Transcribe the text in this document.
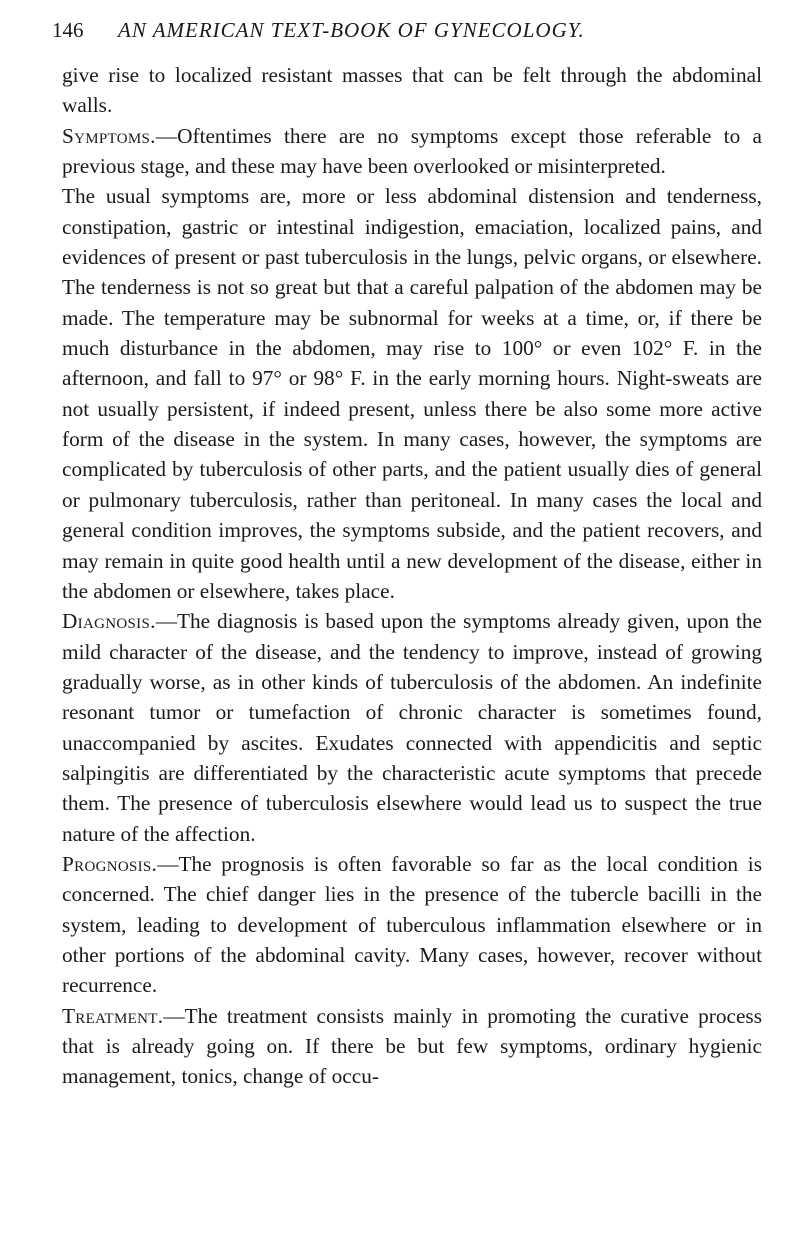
146 AN AMERICAN TEXT-BOOK OF GYNECOLOGY.

give rise to localized resistant masses that can be felt through the abdominal walls.

Symptoms.—Oftentimes there are no symptoms except those referable to a previous stage, and these may have been overlooked or misinterpreted.

The usual symptoms are, more or less abdominal distension and tenderness, constipation, gastric or intestinal indigestion, emaciation, localized pains, and evidences of present or past tuberculosis in the lungs, pelvic organs, or elsewhere. The tenderness is not so great but that a careful palpation of the abdomen may be made. The temperature may be subnormal for weeks at a time, or, if there be much disturbance in the abdomen, may rise to 100° or even 102° F. in the afternoon, and fall to 97° or 98° F. in the early morning hours. Night-sweats are not usually persistent, if indeed present, unless there be also some more active form of the disease in the system. In many cases, however, the symptoms are complicated by tuberculosis of other parts, and the patient usually dies of general or pulmonary tuberculosis, rather than peritoneal. In many cases the local and general condition improves, the symptoms subside, and the patient recovers, and may remain in quite good health until a new development of the disease, either in the abdomen or elsewhere, takes place.

Diagnosis.—The diagnosis is based upon the symptoms already given, upon the mild character of the disease, and the tendency to improve, instead of growing gradually worse, as in other kinds of tuberculosis of the abdomen. An indefinite resonant tumor or tumefaction of chronic character is sometimes found, unaccompanied by ascites. Exudates connected with appendicitis and septic salpingitis are differentiated by the characteristic acute symptoms that precede them. The presence of tuberculosis elsewhere would lead us to suspect the true nature of the affection.

Prognosis.—The prognosis is often favorable so far as the local condition is concerned. The chief danger lies in the presence of the tubercle bacilli in the system, leading to development of tuberculous inflammation elsewhere or in other portions of the abdominal cavity. Many cases, however, recover without recurrence.

Treatment.—The treatment consists mainly in promoting the curative process that is already going on. If there be but few symptoms, ordinary hygienic management, tonics, change of occu-
